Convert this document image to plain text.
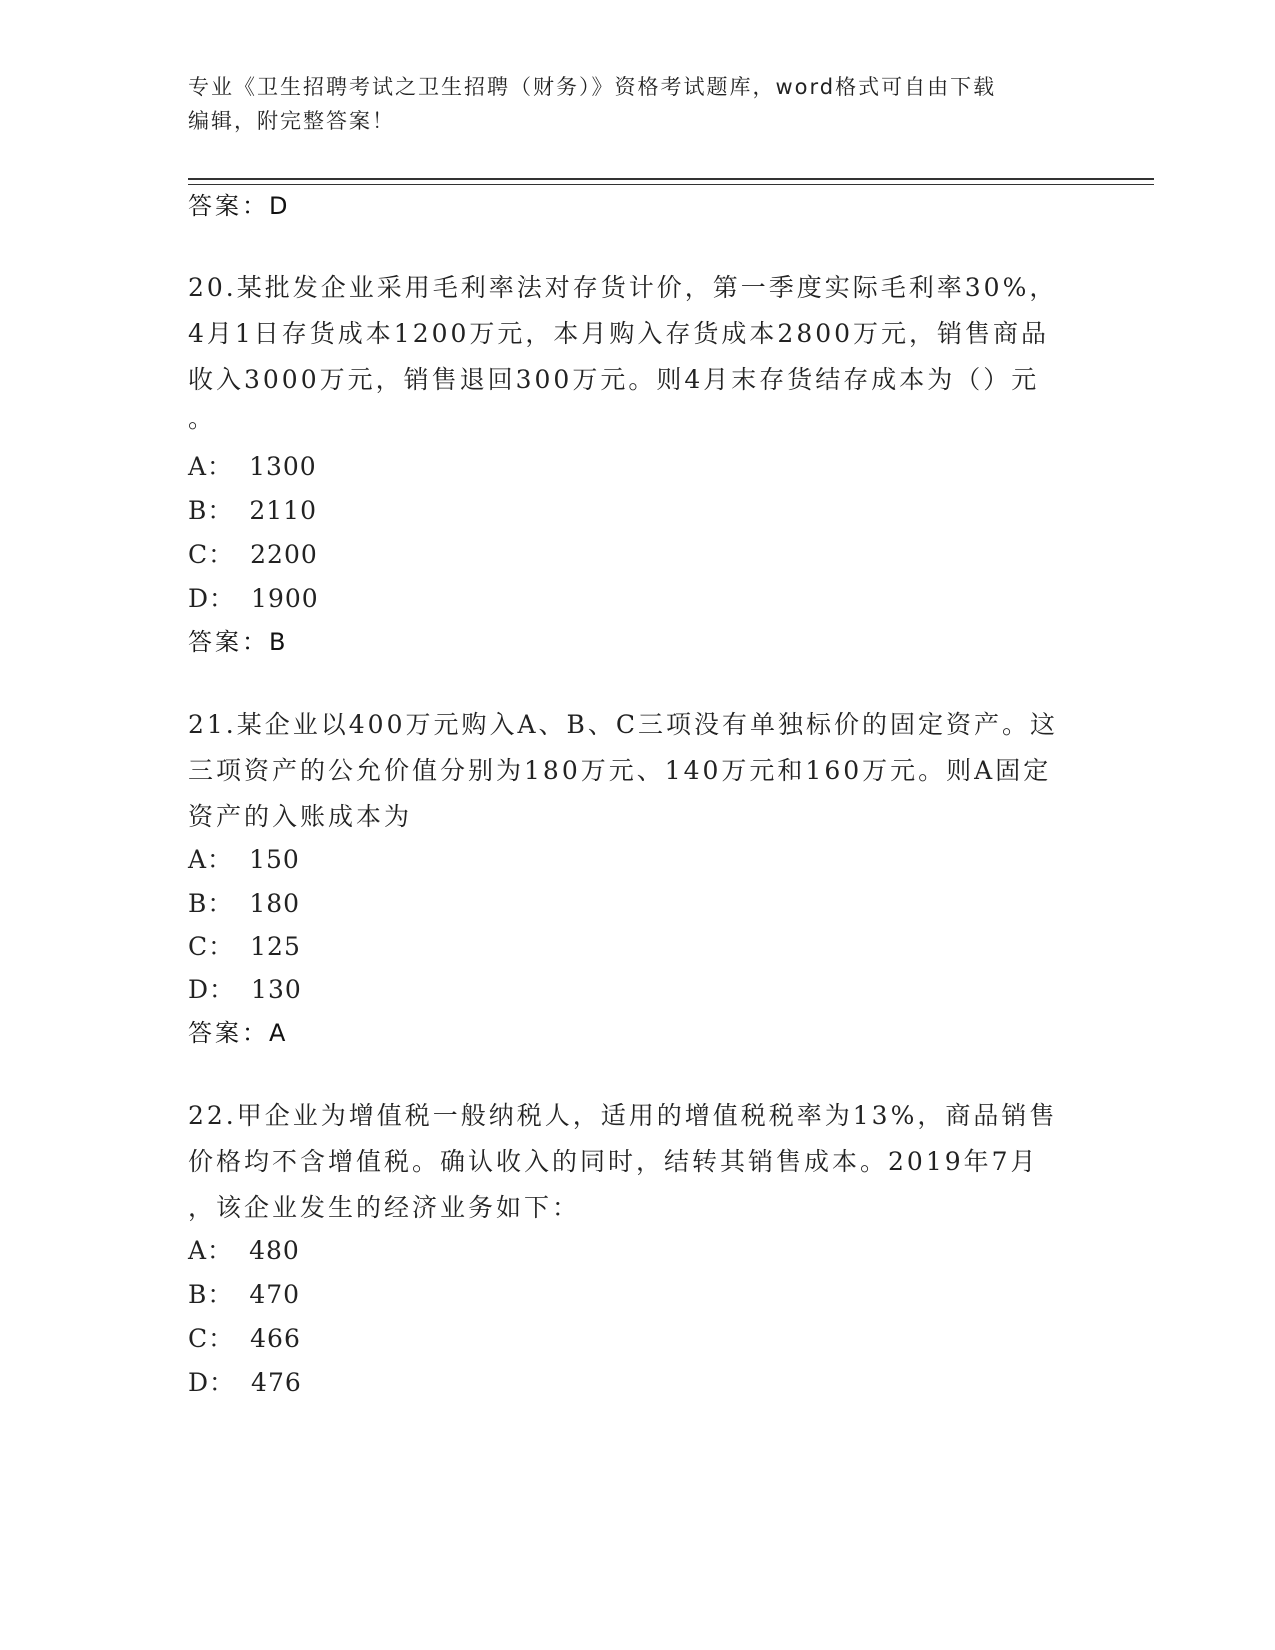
专业《卫生招聘考试之卫生招聘（财务）》资格考试题库，word格式可自由下载
编辑，附完整答案！
答案：D
20.某批发企业采用毛利率法对存货计价，第一季度实际毛利率30%，
4月1日存货成本1200万元，本月购入存货成本2800万元，销售商品
收入3000万元，销售退回300万元。则4月末存货结存成本为（）元
。
A： 1300
B： 2110
C： 2200
D： 1900
答案：B
21.某企业以400万元购入A、B、C三项没有单独标价的固定资产。这
三项资产的公允价值分别为180万元、140万元和160万元。则A固定
资产的入账成本为
A： 150
B： 180
C： 125
D： 130
答案：A
22.甲企业为增值税一般纳税人，适用的增值税税率为13%，商品销售
价格均不含增值税。确认收入的同时，结转其销售成本。2019年7月
，该企业发生的经济业务如下：
A： 480
B： 470
C： 466
D： 476
